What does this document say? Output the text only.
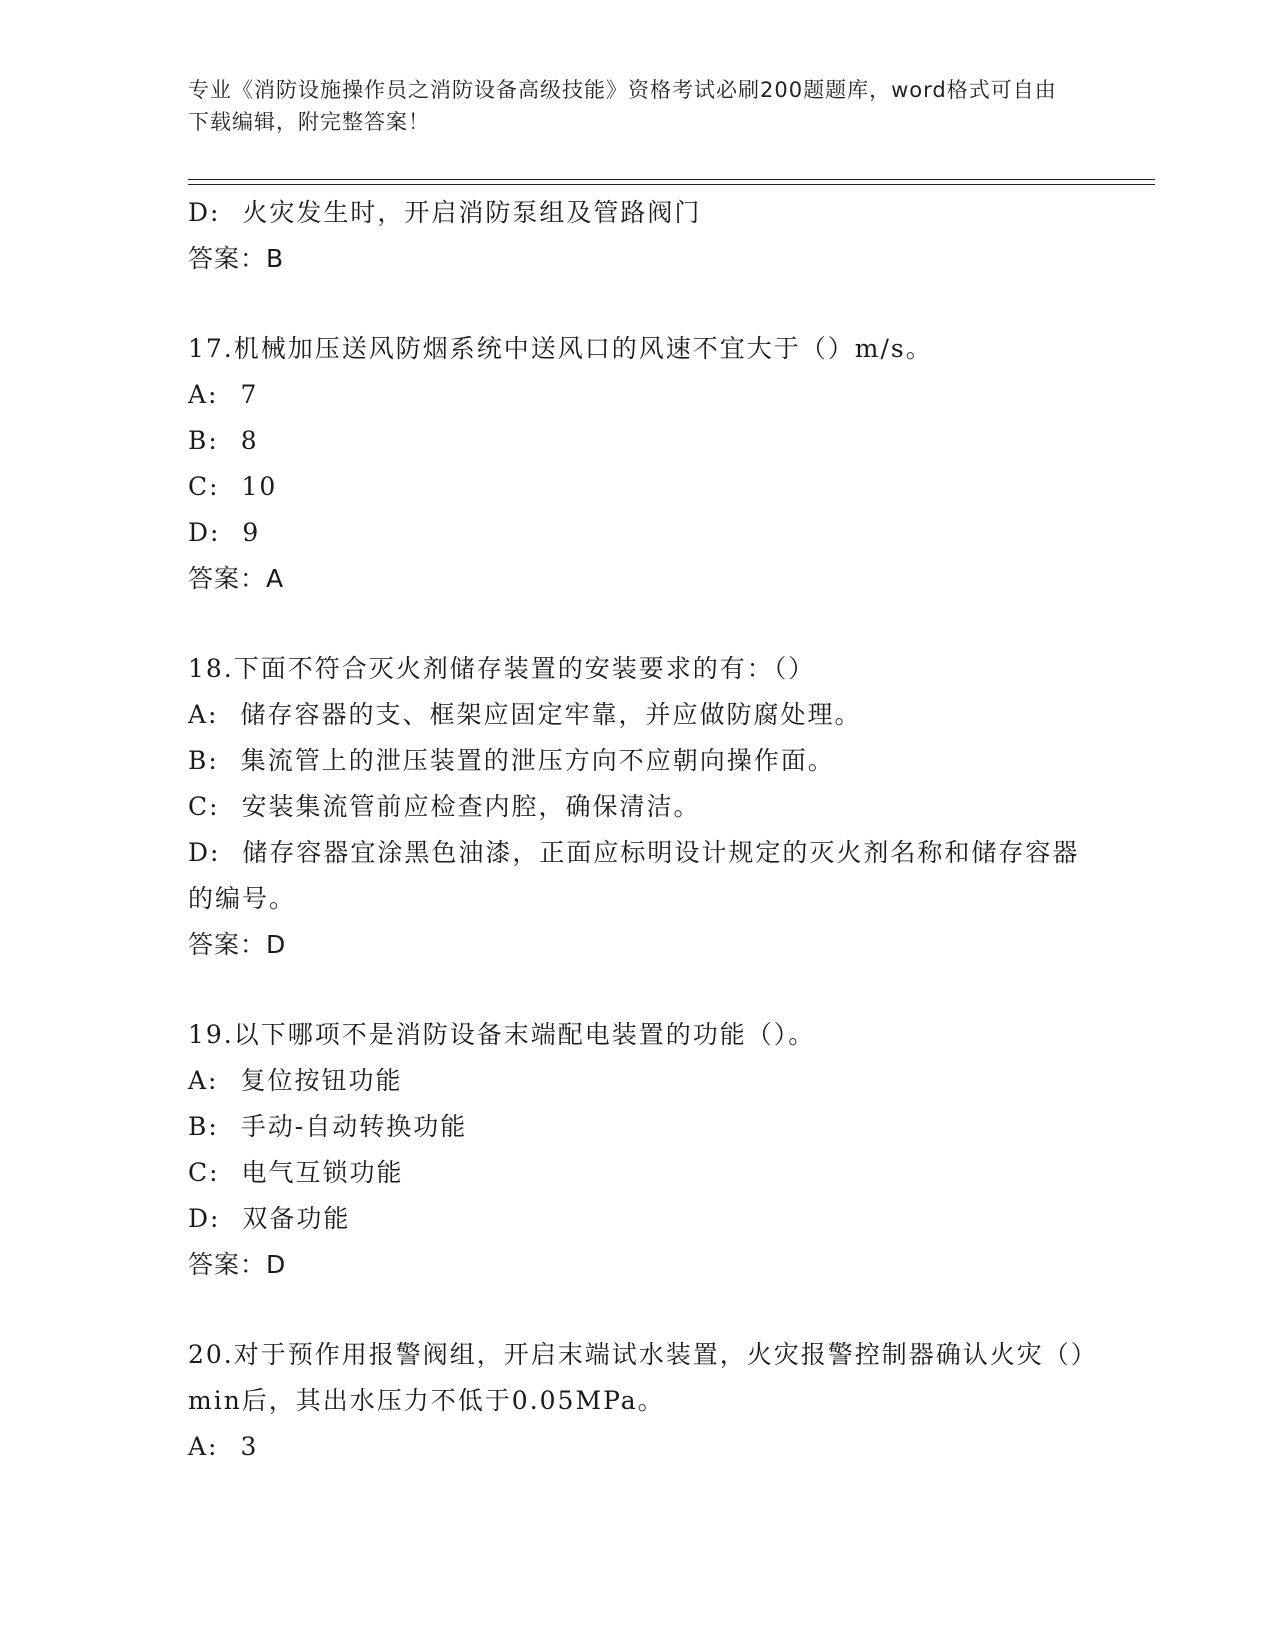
专业《消防设施操作员之消防设备高级技能》资格考试必刷200题题库，word格式可自由下载编辑，附完整答案！
D: 火灾发生时，开启消防泵组及管路阀门
答案：B
17.机械加压送风防烟系统中送风口的风速不宜大于（）m/s。
A: 7
B: 8
C: 10
D: 9
答案：A
18.下面不符合灭火剂储存装置的安装要求的有：（）
A: 储存容器的支、框架应固定牢靠，并应做防腐处理。
B: 集流管上的泄压装置的泄压方向不应朝向操作面。
C: 安装集流管前应检查内腔，确保清洁。
D: 储存容器宜涂黑色油漆，正面应标明设计规定的灭火剂名称和储存容器的编号。
答案：D
19.以下哪项不是消防设备末端配电装置的功能（）。
A: 复位按钮功能
B: 手动-自动转换功能
C: 电气互锁功能
D: 双备功能
答案：D
20.对于预作用报警阀组，开启末端试水装置，火灾报警控制器确认火灾（）min后，其出水压力不低于0.05MPa。
A: 3
